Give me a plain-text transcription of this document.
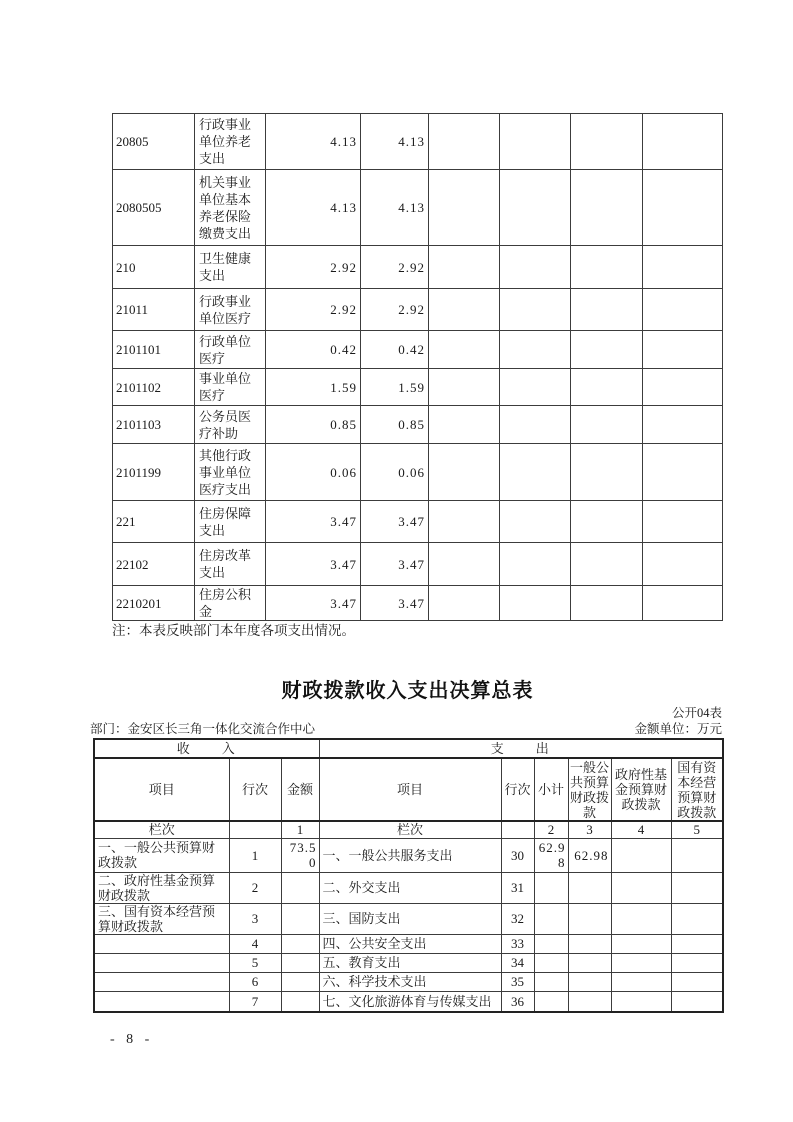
20805	行政事业单位养老支出	4.13	4.13				
2080505	机关事业单位基本养老保险缴费支出	4.13	4.13				
210	卫生健康支出	2.92	2.92				
21011	行政事业单位医疗	2.92	2.92				
2101101	行政单位医疗	0.42	0.42				
2101102	事业单位医疗	1.59	1.59				
2101103	公务员医疗补助	0.85	0.85				
2101199	其他行政事业单位医疗支出	0.06	0.06				
221	住房保障支出	3.47	3.47				
22102	住房改革支出	3.47	3.47				
2210201	住房公积金	3.47	3.47				
注：本表反映部门本年度各项支出情况。
财政拨款收入支出决算总表
公开04表
部门：金安区长三角一体化交流合作中心	金额单位：万元
收　　入			支　　出					
项目	行次	金额	项目	行次	小计	一般公共预算财政拨款	政府性基金预算财政拨款	国有资本经营预算财政拨款
栏次		1	栏次		2	3	4	5
一、一般公共预算财政拨款	1	73.50	一、一般公共服务支出	30	62.98	62.98		
二、政府性基金预算财政拨款	2		二、外交支出	31				
三、国有资本经营预算财政拨款	3		三、国防支出	32				
	4		四、公共安全支出	33				
	5		五、教育支出	34				
	6		六、科学技术支出	35				
	7		七、文化旅游体育与传媒支出	36				
- 8 -
